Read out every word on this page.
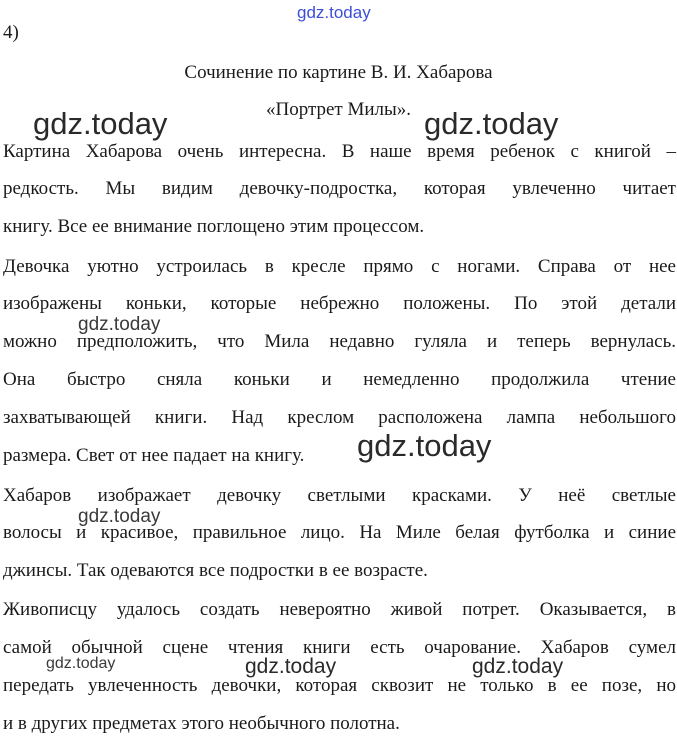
gdz.today
4)
Сочинение по картине В. И. Хабарова
«Портрет Милы».
Картина Хабарова очень интересна. В наше время ребенок с книгой –
редкость. Мы видим девочку-подростка, которая увлеченно читает
книгу. Все ее внимание поглощено этим процессом.
Девочка уютно устроилась в кресле прямо с ногами. Справа от нее
изображены коньки, которые небрежно положены. По этой детали
можно предположить, что Мила недавно гуляла и теперь вернулась.
Она быстро сняла коньки и немедленно продолжила чтение
захватывающей книги. Над креслом расположена лампа небольшого
размера. Свет от нее падает на книгу.
Хабаров изображает девочку светлыми красками. У неё светлые
волосы и красивое, правильное лицо. На Миле белая футболка и синие
джинсы. Так одеваются все подростки в ее возрасте.
Живописцу удалось создать невероятно живой потрет. Оказывается, в
самой обычной сцене чтения книги есть очарование. Хабаров сумел
передать увлеченность девочки, которая сквозит не только в ее позе, но
и в других предметах этого необычного полотна.
gdz.today	gdz.today
gdz.today
gdz.today
gdz.today
gdz.today	gdz.today	gdz.today
